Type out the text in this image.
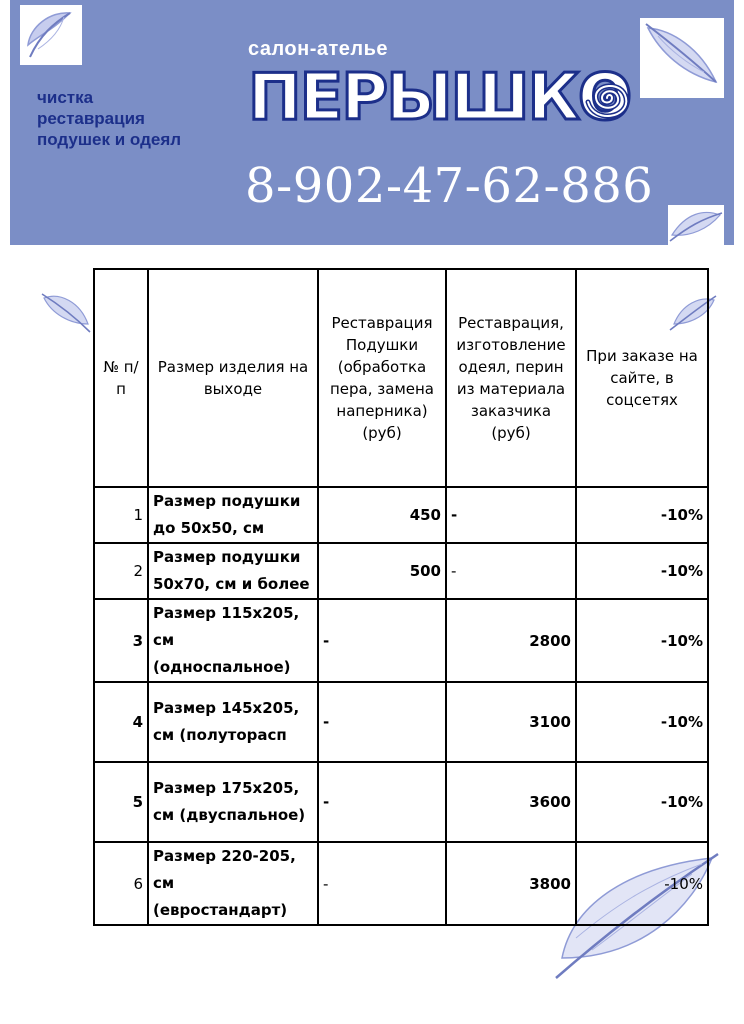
чистка
реставрация
подушек и одеял
салон-ателье
ПЕРЫШКО
8-902-47-62-886
№ п/п	Размер изделия на выходе	Реставрация Подушки (обработка пера, замена наперника) (руб)	Реставрация, изготовление одеял, перин из материала заказчика (руб)	При заказе на сайте, в соцсетях
1	Размер подушки до 50х50, см	450	-	-10%
2	Размер подушки 50х70, см и более	500	-	-10%
3	Размер 115х205, см (односпальное)	-	2800	-10%
4	Размер 145х205, см (полуторасп	-	3100	-10%
5	Размер 175х205, см (двуспальное)	-	3600	-10%
6	Размер 220-205, см (евростандарт)	-	3800	-10%
